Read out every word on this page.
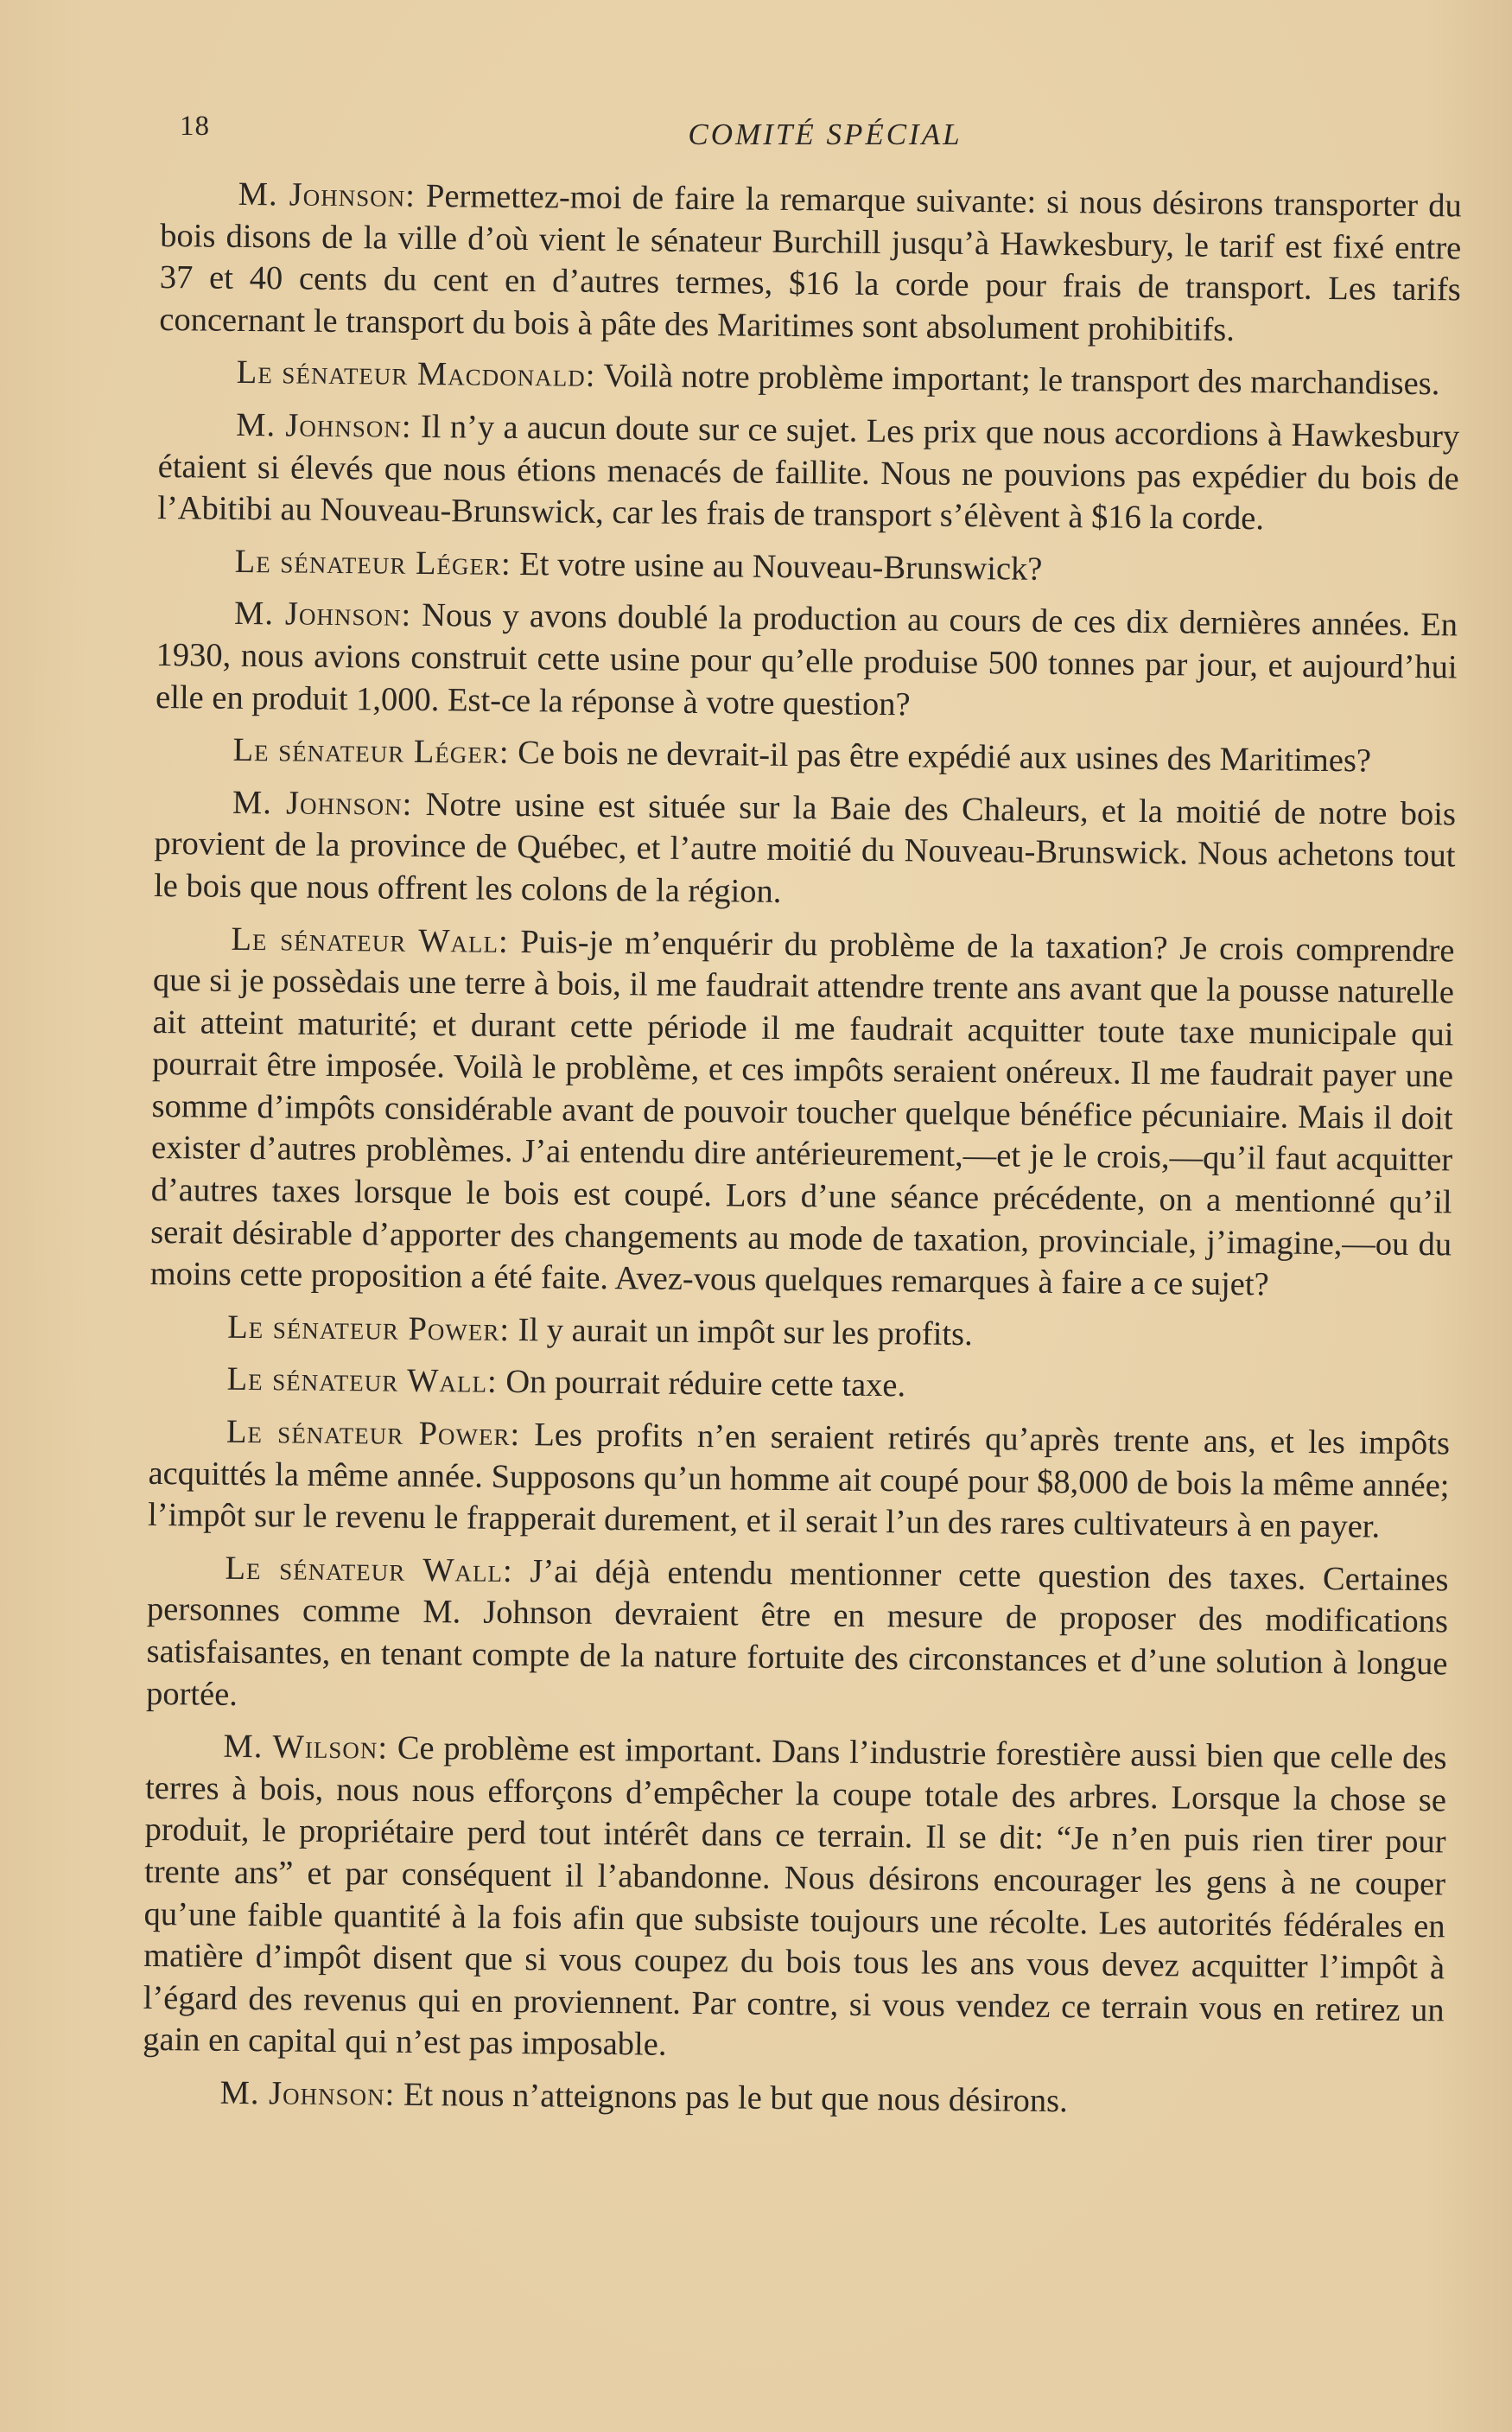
18	COMITÉ SPÉCIAL

M. Johnson: Permettez-moi de faire la remarque suivante: si nous désirons transporter du bois disons de la ville d’où vient le sénateur Burchill jusqu’à Hawkesbury, le tarif est fixé entre 37 et 40 cents du cent en d’autres termes, $16 la corde pour frais de transport. Les tarifs concernant le transport du bois à pâte des Maritimes sont absolument prohibitifs.

Le sénateur Macdonald: Voilà notre problème important; le transport des marchandises.

M. Johnson: Il n’y a aucun doute sur ce sujet. Les prix que nous accordions à Hawkesbury étaient si élevés que nous étions menacés de faillite. Nous ne pouvions pas expédier du bois de l’Abitibi au Nouveau-Brunswick, car les frais de transport s’élèvent à $16 la corde.

Le sénateur Léger: Et votre usine au Nouveau-Brunswick?

M. Johnson: Nous y avons doublé la production au cours de ces dix dernières années. En 1930, nous avions construit cette usine pour qu’elle produise 500 tonnes par jour, et aujourd’hui elle en produit 1,000. Est-ce la réponse à votre question?

Le sénateur Léger: Ce bois ne devrait-il pas être expédié aux usines des Maritimes?

M. Johnson: Notre usine est située sur la Baie des Chaleurs, et la moitié de notre bois provient de la province de Québec, et l’autre moitié du Nouveau-Brunswick. Nous achetons tout le bois que nous offrent les colons de la région.

Le sénateur Wall: Puis-je m’enquérir du problème de la taxation? Je crois comprendre que si je possèdais une terre à bois, il me faudrait attendre trente ans avant que la pousse naturelle ait atteint maturité; et durant cette période il me faudrait acquitter toute taxe municipale qui pourrait être imposée. Voilà le problème, et ces impôts seraient onéreux. Il me faudrait payer une somme d’impôts considérable avant de pouvoir toucher quelque bénéfice pécuniaire. Mais il doit exister d’autres problèmes. J’ai entendu dire antérieurement,—et je le crois,—qu’il faut acquitter d’autres taxes lorsque le bois est coupé. Lors d’une séance précédente, on a mentionné qu’il serait désirable d’apporter des changements au mode de taxation, provinciale, j’imagine,—ou du moins cette proposition a été faite. Avez-vous quelques remarques à faire a ce sujet?

Le sénateur Power: Il y aurait un impôt sur les profits.

Le sénateur Wall: On pourrait réduire cette taxe.

Le sénateur Power: Les profits n’en seraient retirés qu’après trente ans, et les impôts acquittés la même année. Supposons qu’un homme ait coupé pour $8,000 de bois la même année; l’impôt sur le revenu le frapperait durement, et il serait l’un des rares cultivateurs à en payer.

Le sénateur Wall: J’ai déjà entendu mentionner cette question des taxes. Certaines personnes comme M. Johnson devraient être en mesure de proposer des modifications satisfaisantes, en tenant compte de la nature fortuite des circonstances et d’une solution à longue portée.

M. Wilson: Ce problème est important. Dans l’industrie forestière aussi bien que celle des terres à bois, nous nous efforçons d’empêcher la coupe totale des arbres. Lorsque la chose se produit, le propriétaire perd tout intérêt dans ce terrain. Il se dit: “Je n’en puis rien tirer pour trente ans” et par conséquent il l’abandonne. Nous désirons encourager les gens à ne couper qu’une faible quantité à la fois afin que subsiste toujours une récolte. Les autorités fédérales en matière d’impôt disent que si vous coupez du bois tous les ans vous devez acquitter l’impôt à l’égard des revenus qui en proviennent. Par contre, si vous vendez ce terrain vous en retirez un gain en capital qui n’est pas imposable.

M. Johnson: Et nous n’atteignons pas le but que nous désirons.
